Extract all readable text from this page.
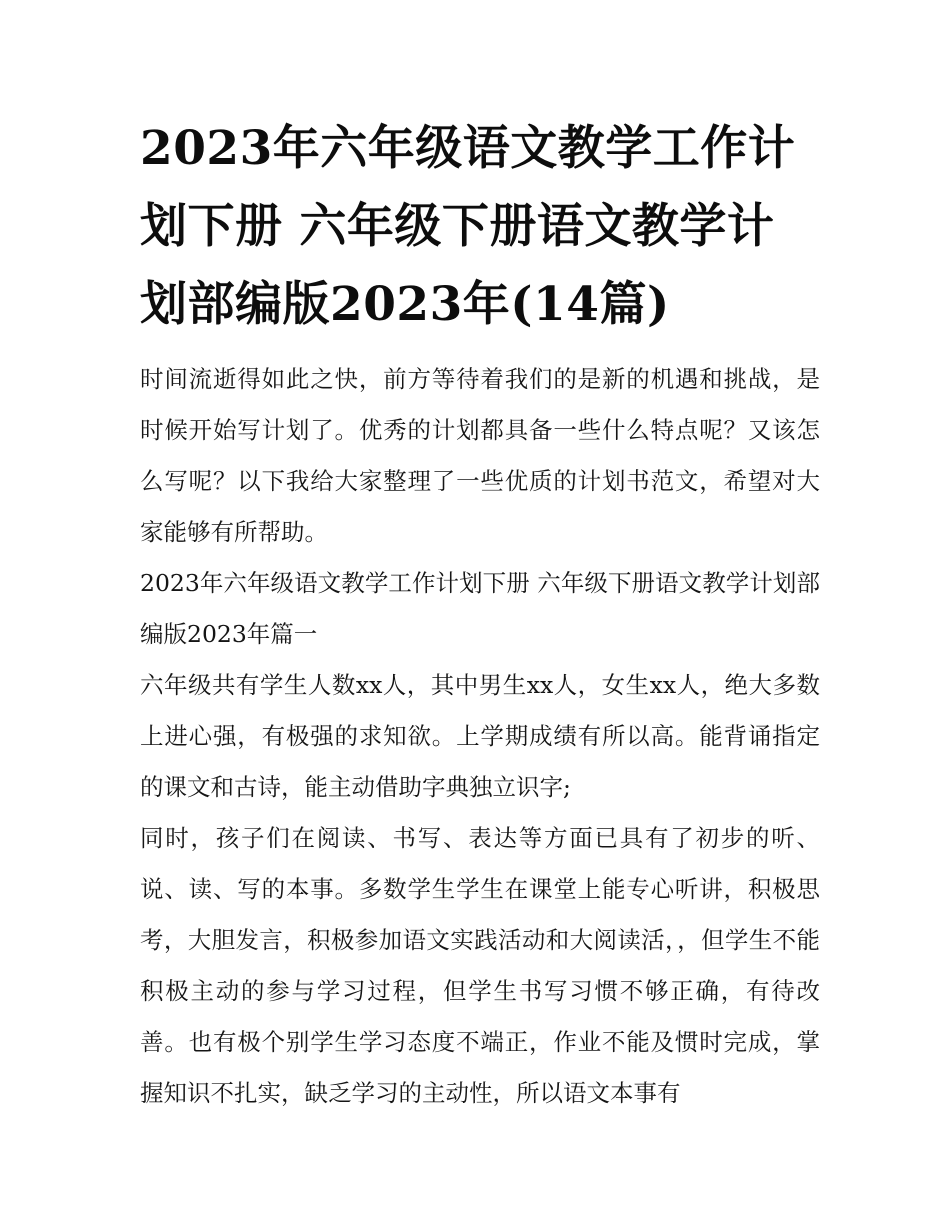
2023年六年级语文教学工作计划下册 六年级下册语文教学计划部编版2023年(14篇)

时间流逝得如此之快，前方等待着我们的是新的机遇和挑战，是时候开始写计划了。优秀的计划都具备一些什么特点呢？又该怎么写呢？以下我给大家整理了一些优质的计划书范文，希望对大家能够有所帮助。

2023年六年级语文教学工作计划下册 六年级下册语文教学计划部编版2023年篇一

六年级共有学生人数xx人，其中男生xx人，女生xx人，绝大多数上进心强，有极强的求知欲。上学期成绩有所以高。能背诵指定的课文和古诗，能主动借助字典独立识字;

同时，孩子们在阅读、书写、表达等方面已具有了初步的听、说、读、写的本事。多数学生学生在课堂上能专心听讲，积极思考，大胆发言，积极参加语文实践活动和大阅读活，，但学生不能积极主动的参与学习过程，但学生书写习惯不够正确，有待改善。也有极个别学生学习态度不端正，作业不能及惯时完成，掌握知识不扎实，缺乏学习的主动性，所以语文本事有
